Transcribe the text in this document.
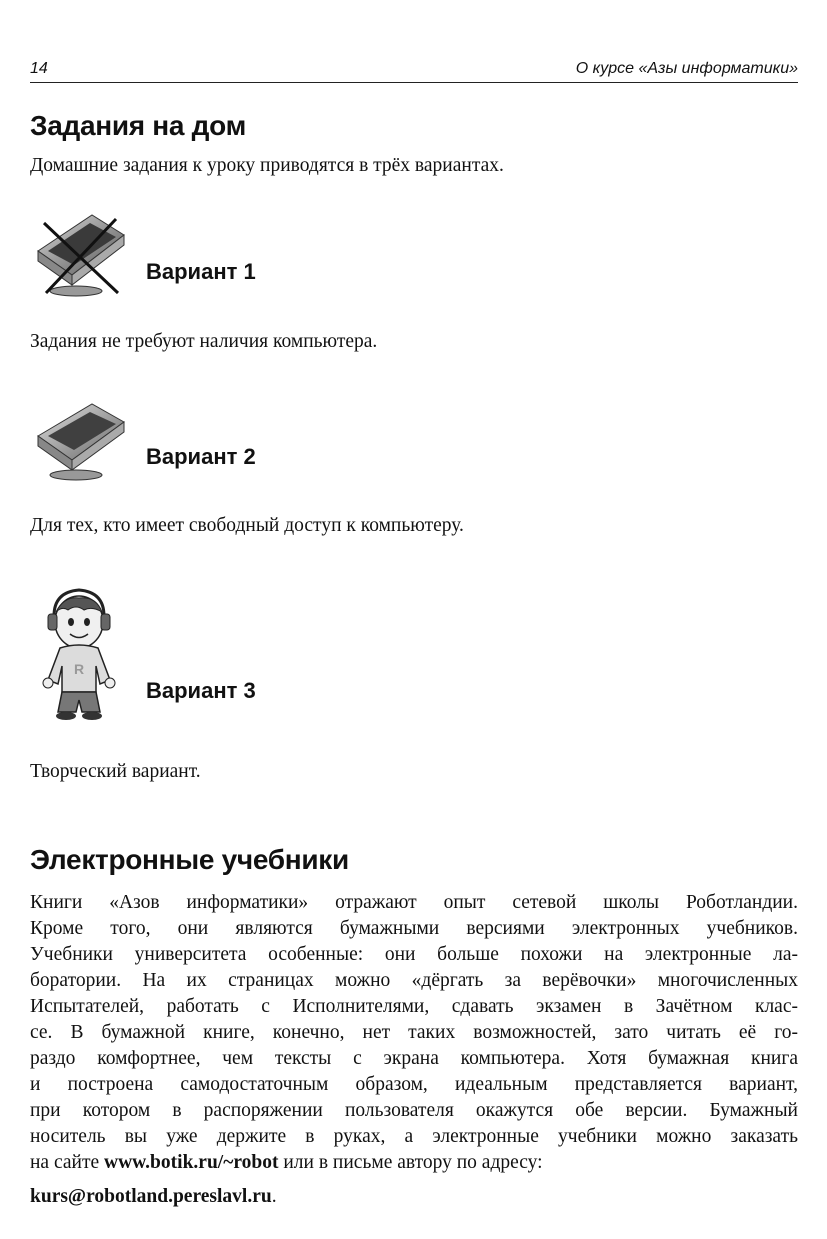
14	О курсе «Азы информатики»
Задания на дом

Домашние задания к уроку приводятся в трёх вариантах.

Вариант 1

Задания не требуют наличия компьютера.

Вариант 2

Для тех, кто имеет свободный доступ к компьютеру.

R
Вариант 3

Творческий вариант.

Электронные учебники

Книги «Азов информатики» отражают опыт сетевой школы Роботландии.

Кроме того, они являются бумажными версиями электронных учебников.

Учебники университета особенные: они больше похожи на электронные ла-

боратории. На их страницах можно «дёргать за верёвочки» многочисленных

Испытателей, работать с Исполнителями, сдавать экзамен в Зачётном клас-

се. В бумажной книге, конечно, нет таких возможностей, зато читать её го-

раздо комфортнее, чем тексты с экрана компьютера. Хотя бумажная книга

и построена самодостаточным образом, идеальным представляется вариант,

при котором в распоряжении пользователя окажутся обе версии. Бумажный

носитель вы уже держите в руках, а электронные учебники можно заказать

на сайте www.botik.ru/~robot или в письме автору по адресу:

kurs@robotland.pereslavl.ru.
